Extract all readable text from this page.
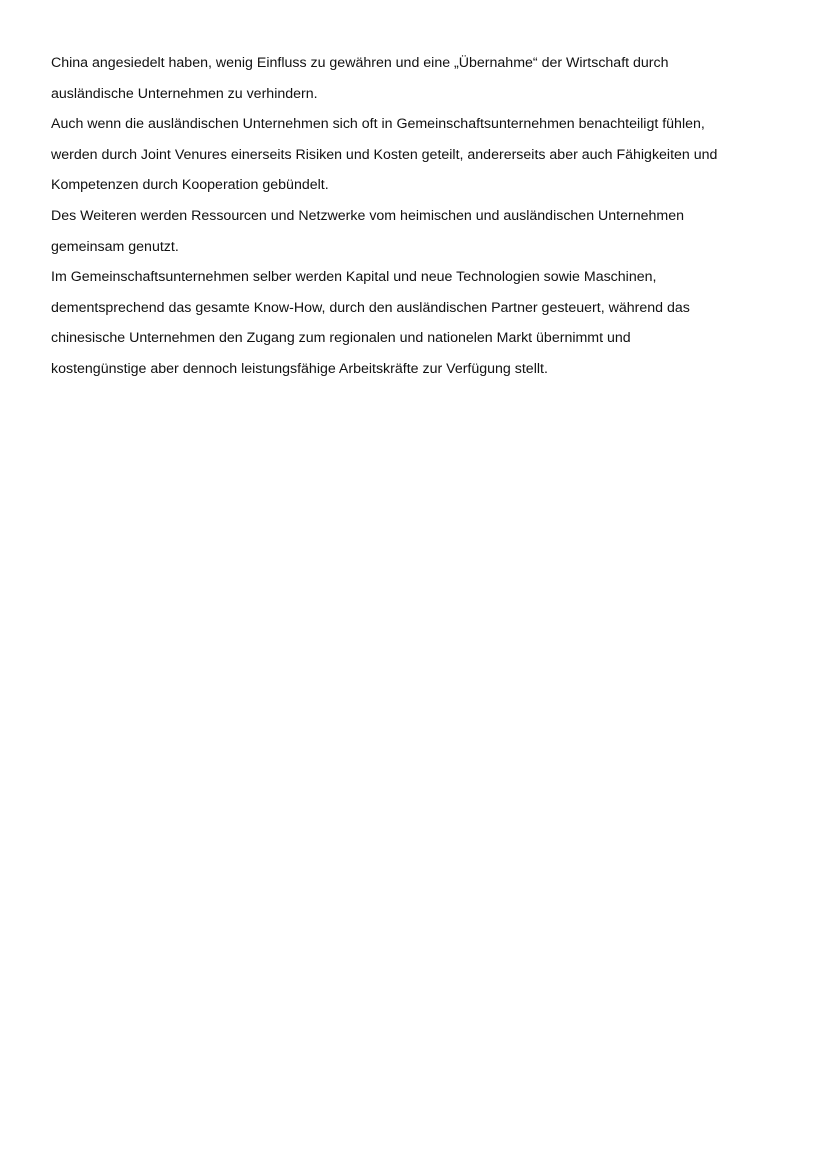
China angesiedelt haben, wenig Einfluss zu gewähren und eine „Übernahme“ der Wirtschaft durch

ausländische Unternehmen zu verhindern.

Auch wenn die ausländischen Unternehmen sich oft in Gemeinschaftsunternehmen benachteiligt fühlen,

werden durch Joint Venures einerseits Risiken und Kosten geteilt, andererseits aber auch Fähigkeiten und

Kompetenzen durch Kooperation gebündelt.

Des Weiteren werden Ressourcen und Netzwerke vom heimischen und ausländischen Unternehmen

gemeinsam genutzt.

Im Gemeinschaftsunternehmen selber werden Kapital und neue Technologien sowie Maschinen,

dementsprechend das gesamte Know-How, durch den ausländischen Partner gesteuert, während das

chinesische Unternehmen den Zugang zum regionalen und nationelen Markt übernimmt und

kostengünstige aber dennoch leistungsfähige Arbeitskräfte zur Verfügung stellt.
